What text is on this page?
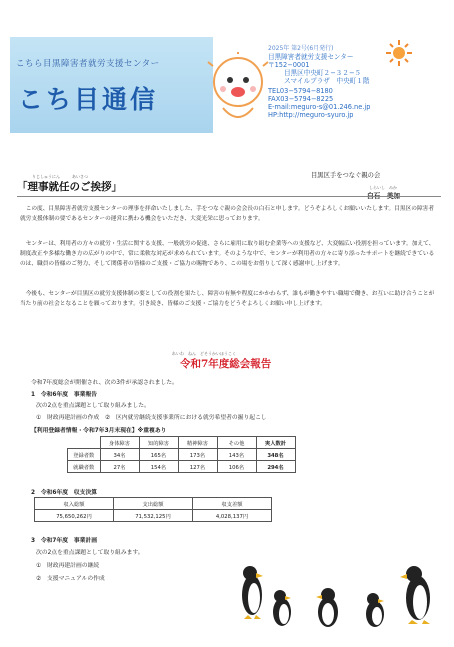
こちら目黒障害者就労支援センター
こち目通信
2025年 第2号(6月発行)
目黒障害者就労支援センター
〒152−0001
目黒区中央町２−３２−５
スマイルプラザ　中央町１階
TEL03−5794−8180
FAX03−5794−8225
E-mail:meguro-s@01.246.ne.jp
HP:http://meguro-syuro.jp
目黒区手をつなぐ親の会
しらいし　みか
白石　美加
りじしゅうにん　　　あいさつ
「理事就任のご挨拶」
この度、目黒障害者就労支援センターの理事を拝命いたしました、手をつなぐ親の会会長の白石と申します。どうぞよろしくお願いいたします。目黒区の障害者就労支援体制の要であるセンターの運営に携わる機会をいただき、大変光栄に思っております。
センターは、利用者の方々の就労・生活に関する支援、一般就労の促進、さらに雇用に取り組む企業等への支援など、大変幅広い役割を担っています。加えて、制度改正や多様な働き方の広がりの中で、常に柔軟な対応が求められています。そのような中で、センターが利用者の方々に寄り添ったサポートを継続できているのは、職員の皆様のご努力、そして関係者の皆様のご支援・ご協力の賜物であり、この場をお借りして深く感謝申し上げます。
今後も、センターが目黒区の就労支援体制の要としての役割を果たし、障害の有無や程度にかかわらず、誰もが働きやすい職場で働き、お互いに助け合うことが当たり前の社会となることを願っております。引き続き、皆様のご支援・ご協力をどうぞよろしくお願い申し上げます。
れいわ　ねん　どそうかいほうこく
令和7年度総会報告
令和7年度総会が開催され、次の3件が承認されました。
1　令和6年度　事業報告
次の2点を重点課題として取り組みました。
①　財政再建計画の作成　②　区内就労継続支援事業所における就労希望者の掘り起こし
【利用登録者情報・令和7年3月末現在】※重複あり
	身体障害	知的障害	精神障害	その他	実人数計
登録者数	34名	165名	173名	143名	348名
就職者数	27名	154名	127名	106名	294名
2　令和6年度　収支決算
収入総額	支出総額	収支差額
75,650,262円	71,532,125円	4,028,137円
3　令和7年度　事業計画
次の2点を重点課題として取り組みます。
①　財政再建計画の継続
②　支援マニュアルの作成
